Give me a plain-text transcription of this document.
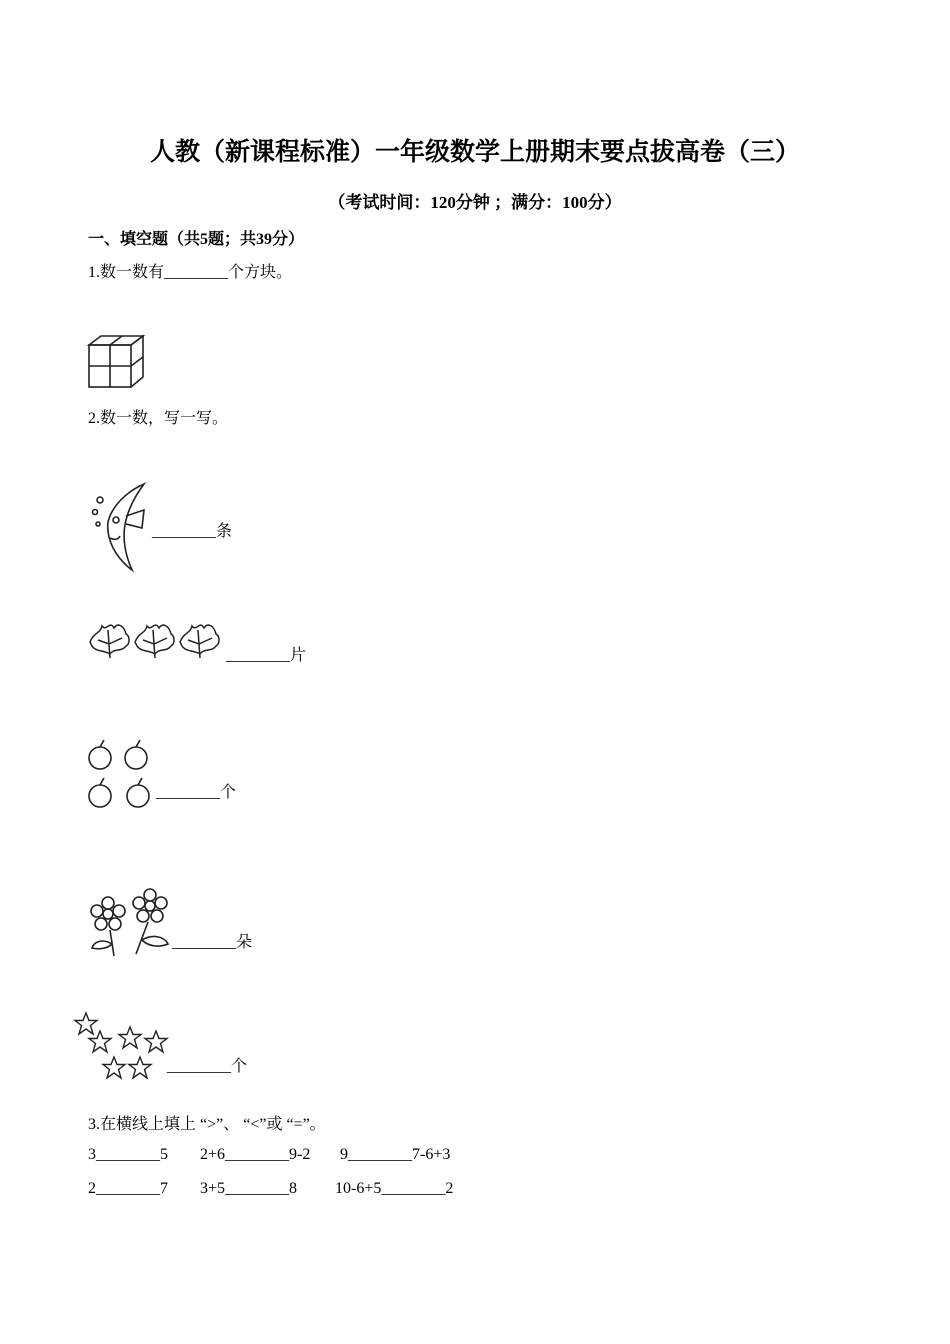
人教（新课程标准）一年级数学上册期末要点拔高卷（三）
（考试时间：120分钟 ；满分：100分）
一、填空题（共5题；共39分）
1.数一数有________个方块。
2.数一数，写一写。
________条
________片
________个
________朵
________个
3.在横线上填上 “>”、 “<”或 “=”。
3________5 2+6________9-2 9________7-6+3
2________7 3+5________8 10-6+5________2
